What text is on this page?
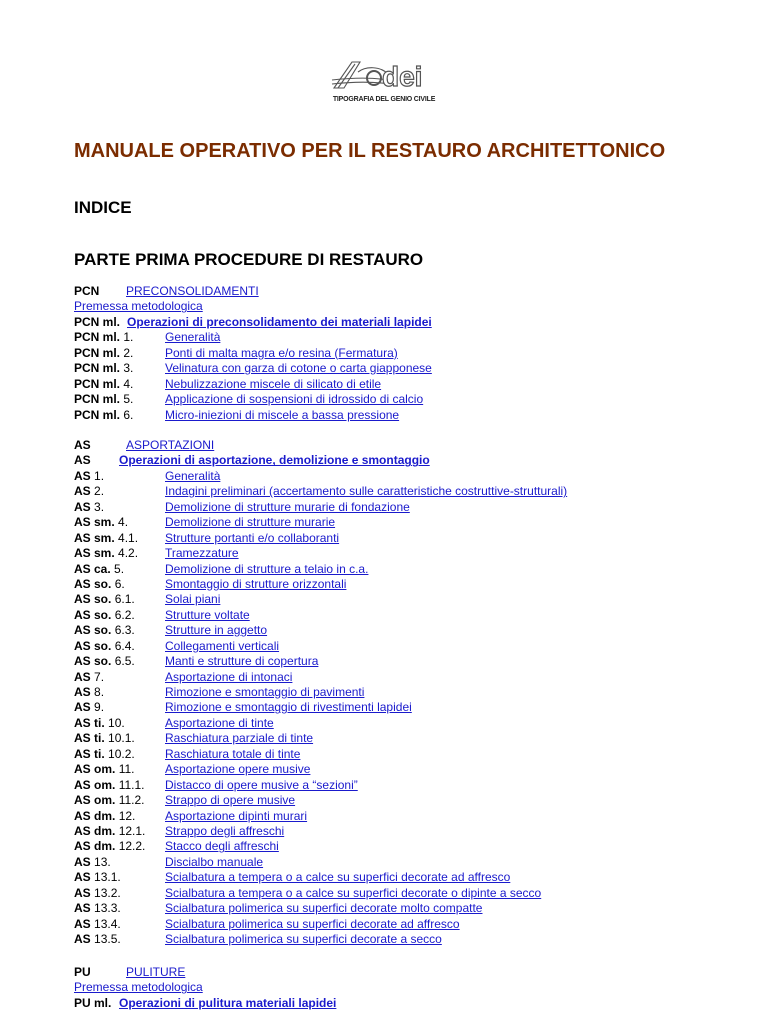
dei
TIPOGRAFIA DEL GENIO CIVILE
MANUALE OPERATIVO PER IL RESTAURO ARCHITETTONICO
INDICE
PARTE PRIMA PROCEDURE DI RESTAURO
PCN PRECONSOLIDAMENTI
Premessa metodologica
PCN ml. Operazioni di preconsolidamento dei materiali lapidei
PCN ml. 1.	Generalità
PCN ml. 2.	Ponti di malta magra e/o resina (Fermatura)
PCN ml. 3.	Velinatura con garza di cotone o carta giapponese
PCN ml. 4.	Nebulizzazione miscele di silicato di etile
PCN ml. 5.	Applicazione di sospensioni di idrossido di calcio
PCN ml. 6.	Micro-iniezioni di miscele a bassa pressione
AS	ASPORTAZIONI
AS Operazioni di asportazione, demolizione e smontaggio
AS 1.	Generalità
AS 2.	Indagini preliminari (accertamento sulle caratteristiche costruttive-strutturali)
AS 3.	Demolizione di strutture murarie di fondazione
AS sm. 4.	Demolizione di strutture murarie
AS sm. 4.1. Strutture portanti e/o collaboranti
AS sm. 4.2. Tramezzature
AS ca. 5.	Demolizione di strutture a telaio in c.a.
AS so. 6.	Smontaggio di strutture orizzontali
AS so. 6.1.	Solai piani
AS so. 6.2.	Strutture voltate
AS so. 6.3.	Strutture in aggetto
AS so. 6.4.	Collegamenti verticali
AS so. 6.5.	Manti e strutture di copertura
AS 7.	Asportazione di intonaci
AS 8.	Rimozione e smontaggio di pavimenti
AS 9.	Rimozione e smontaggio di rivestimenti lapidei
AS ti. 10.	Asportazione di tinte
AS ti. 10.1.	Raschiatura parziale di tinte
AS ti. 10.2.	Raschiatura totale di tinte
AS om. 11.	Asportazione opere musive
AS om. 11.1. Distacco di opere musive a “sezioni”
AS om. 11.2. Strappo di opere musive
AS dm. 12. Asportazione dipinti murari
AS dm. 12.1. Strappo degli affreschi
AS dm. 12.2. Stacco degli affreschi
AS 13.	Discialbo manuale
AS 13.1.	Scialbatura a tempera o a calce su superfici decorate ad affresco
AS 13.2.	Scialbatura a tempera o a calce su superfici decorate o dipinte a secco
AS 13.3.	Scialbatura polimerica su superfici decorate molto compatte
AS 13.4.	Scialbatura polimerica su superfici decorate ad affresco
AS 13.5.	Scialbatura polimerica su superfici decorate a secco
PU	PULITURE
Premessa metodologica
PU ml. Operazioni di pulitura materiali lapidei
